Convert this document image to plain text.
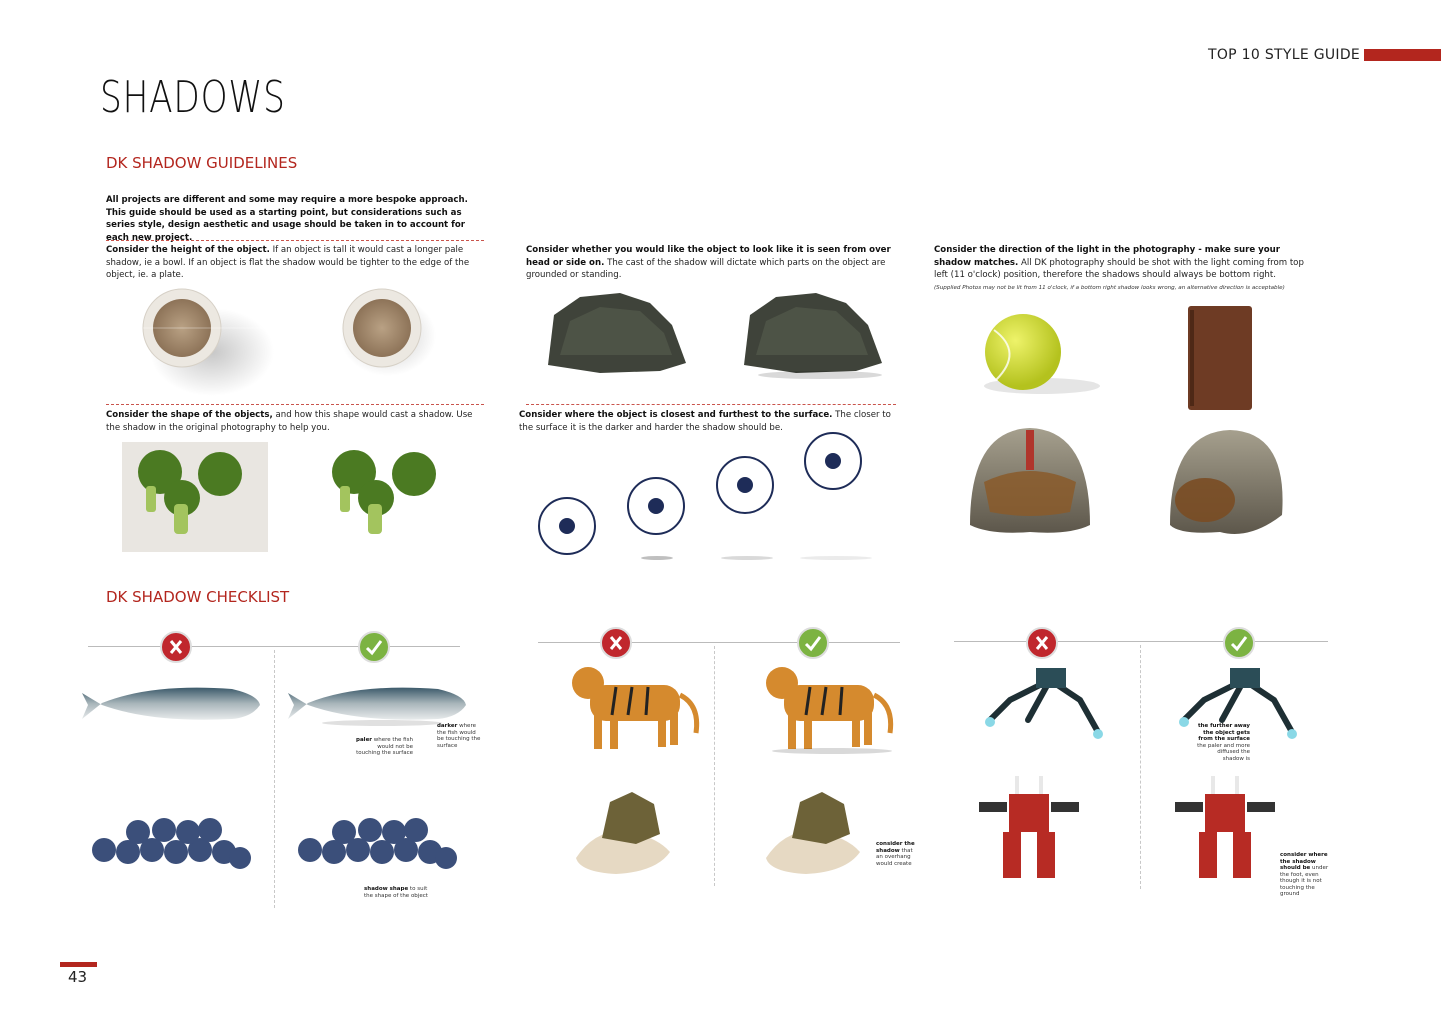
TOP 10 STYLE GUIDE
SHADOWS
DK SHADOW GUIDELINES
All projects are different and some may require a more bespoke approach. This guide should be used as a starting point, but considerations such as series style, design aesthetic and usage should be taken in to account for each new project.
Consider the height of the object. If an object is tall it would cast a longer pale shadow, ie a bowl. If an object is flat the shadow would be tighter to the edge of the object, ie. a plate.
Consider whether you would like the object to look like it is seen from over head or side on. The cast of the shadow will dictate which parts on the object are grounded or standing.
Consider the direction of the light in the photography - make sure your shadow matches. All DK photography should be shot with the light coming from top left (11 o'clock) position, therefore the shadows should always be bottom right.
(Supplied Photos may not be lit from 11 o'clock, if a bottom right shadow looks wrong, an alternative direction is acceptable)
Consider the shape of the objects, and how this shape would cast a shadow. Use the shadow in the original photography to help you.
Consider where the object is closest and furthest to the surface. The closer to the surface it is the darker and harder the shadow should be.
DK SHADOW CHECKLIST
paler where the fish would not be touching the surface
darker where the fish would be touching the surface
the further away the object gets from the surface the paler and more diffused the shadow is
shadow shape to suit the shape of the object
consider the shadow that an overhang would create
consider where the shadow should be under the foot, even though it is not touching the ground
43
